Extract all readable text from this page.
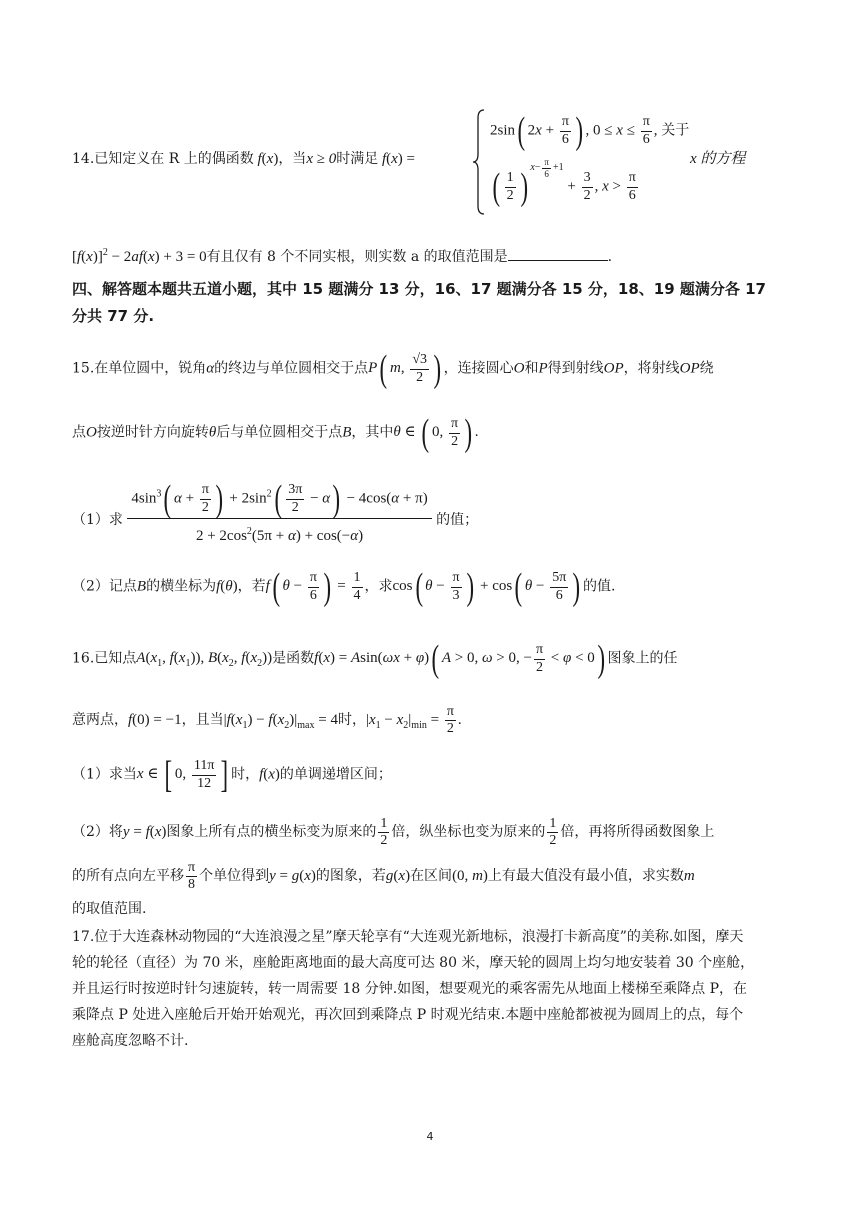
14.已知定义在 R 上的偶函数 f(x)，当x ≥ 0时满足 f(x) =
2sin( $2x + \frac{\pi}{6}$ ) , $0 \le x \le \frac{\pi}{6}$ , 关于
( $\frac{1}{2}$ ) $^{x- \frac{\pi}{6} +1} + \frac{3}{2}$ , $x > \frac{\pi}{6}$
x 的方程
$[f(x)]^2 - 2af(x) + 3 = 0$有且仅有 8 个不同实根，则实数 a 的取值范围是	.
四、解答题本题共五道小题，其中 15 题满分 13 分，16、17 题满分各 15 分，18、19 题满分各 17
分共 77 分.
15.在单位圆中，锐角α的终边与单位圆相交于点P( m, $\frac{√3}{2}$ ) ，连接圆心O和P得到射线OP，将射线OP绕
点O按逆时针方向旋转θ后与单位圆相交于点B，其中θ ∈ ( 0, $\frac{\pi}{2}$ ) .
（1）求 $\frac{4\sin^3( \alpha + \frac{\pi}{2} ) + 2\sin^2( \frac{3\pi}{2} - \alpha) - 4\cos(\alpha + \pi)}{2 + 2\cos^2(5\pi + \alpha) + \cos(-\alpha)}$ 的值；
（2）记点B的横坐标为f(θ)，若f( $\theta - \frac{\pi}{6}$ ) = $\frac{1}{4}$ ，求cos( $\theta - \frac{\pi}{3}$ ) + cos( $\theta - \frac{5\pi}{6}$ ) 的值.
16.已知点$A(x_1$, $f(x_1)$), $B(x_2$, $f(x_2)$)是函数f(x) = Asin(ωx + φ)( A > 0, ω > 0, − $\frac{\pi}{2} < \varphi < 0$) 图象上的任
意两点，f(0) = −1，且当$|f(x_1) - f(x_2)|_{max} = 4$时，$|x_1 - x_2|_{min} = \frac{\pi}{2}$ .
（1）求当x ∈ [ 0, $\frac{11\pi}{12}$ ] 时，f(x)的单调递增区间；
（2）将y = f(x)图象上所有点的横坐标变为原来的 $\frac{1}{2}$ 倍，纵坐标也变为原来的 $\frac{1}{2}$ 倍，再将所得函数图象上
的所有点向左平移 $\frac{\pi}{8}$ 个单位得到y = g(x)的图象，若g(x)在区间(0, m)上有最大值没有最小值，求实数m
的取值范围.
17.位于大连森林动物园的“大连浪漫之星”摩天轮享有“大连观光新地标，浪漫打卡新高度”的美称.如图，摩天
轮的轮径（直径）为 70 米，座舱距离地面的最大高度可达 80 米，摩天轮的圆周上均匀地安装着 30 个座舱，
并且运行时按逆时针匀速旋转，转一周需要 18 分钟.如图，想要观光的乘客需先从地面上楼梯至乘降点 P，在
乘降点 P 处进入座舱后开始开始观光，再次回到乘降点 P 时观光结束.本题中座舱都被视为圆周上的点，每个
座舱高度忽略不计.
4
